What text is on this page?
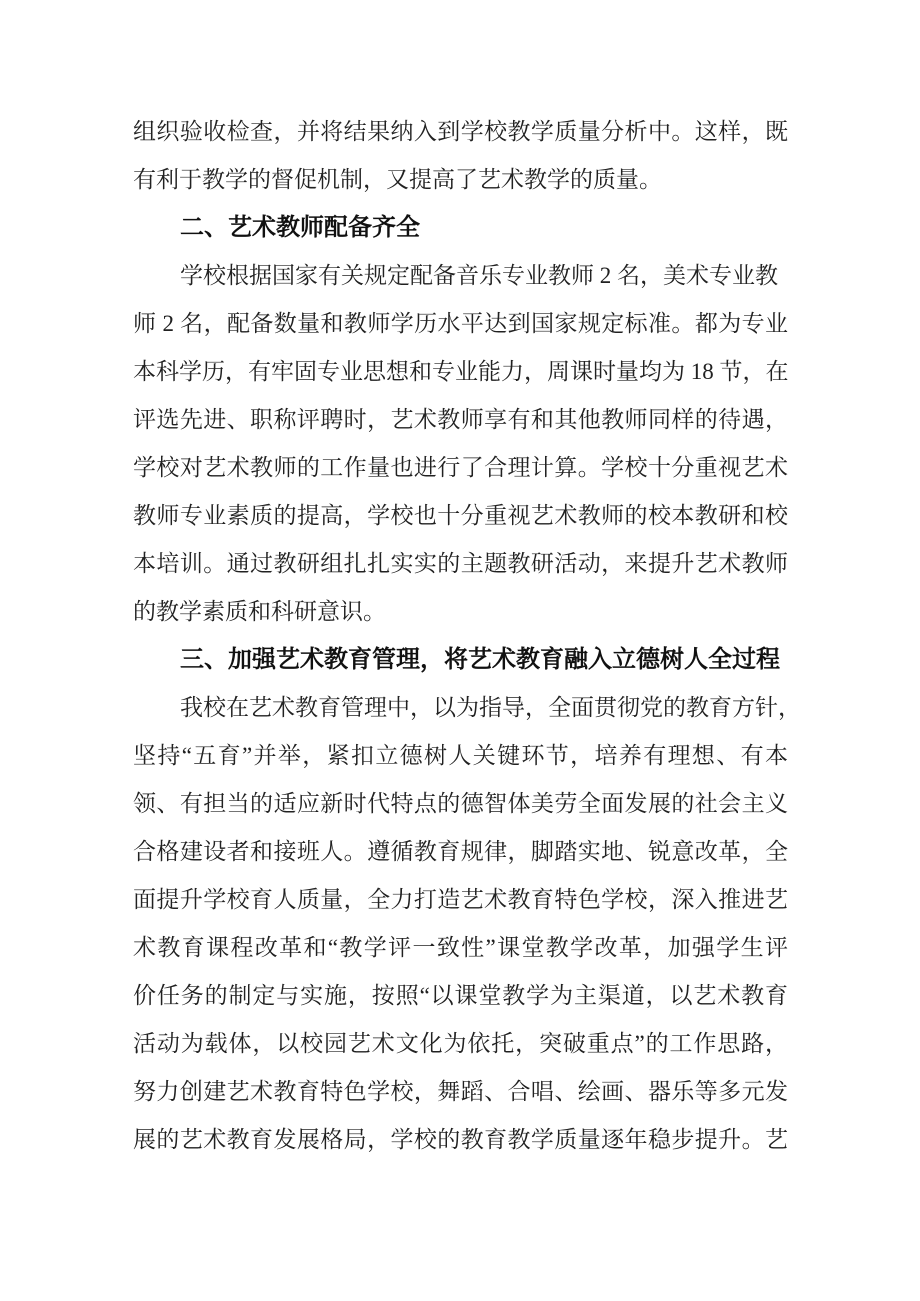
组织验收检查，并将结果纳入到学校教学质量分析中。这样，既
有利于教学的督促机制，又提高了艺术教学的质量。
二、艺术教师配备齐全
学校根据国家有关规定配备音乐专业教师 2 名，美术专业教
师 2 名，配备数量和教师学历水平达到国家规定标准。都为专业
本科学历，有牢固专业思想和专业能力，周课时量均为 18 节，在
评选先进、职称评聘时，艺术教师享有和其他教师同样的待遇，
学校对艺术教师的工作量也进行了合理计算。学校十分重视艺术
教师专业素质的提高，学校也十分重视艺术教师的校本教研和校
本培训。通过教研组扎扎实实的主题教研活动，来提升艺术教师
的教学素质和科研意识。
三、加强艺术教育管理，将艺术教育融入立德树人全过程
我校在艺术教育管理中，以为指导，全面贯彻党的教育方针，
坚持“五育”并举，紧扣立德树人关键环节，培养有理想、有本
领、有担当的适应新时代特点的德智体美劳全面发展的社会主义
合格建设者和接班人。遵循教育规律，脚踏实地、锐意改革，全
面提升学校育人质量，全力打造艺术教育特色学校，深入推进艺
术教育课程改革和“教学评一致性”课堂教学改革，加强学生评
价任务的制定与实施，按照“以课堂教学为主渠道，以艺术教育
活动为载体，以校园艺术文化为依托，突破重点”的工作思路，
努力创建艺术教育特色学校，舞蹈、合唱、绘画、器乐等多元发
展的艺术教育发展格局，学校的教育教学质量逐年稳步提升。艺
